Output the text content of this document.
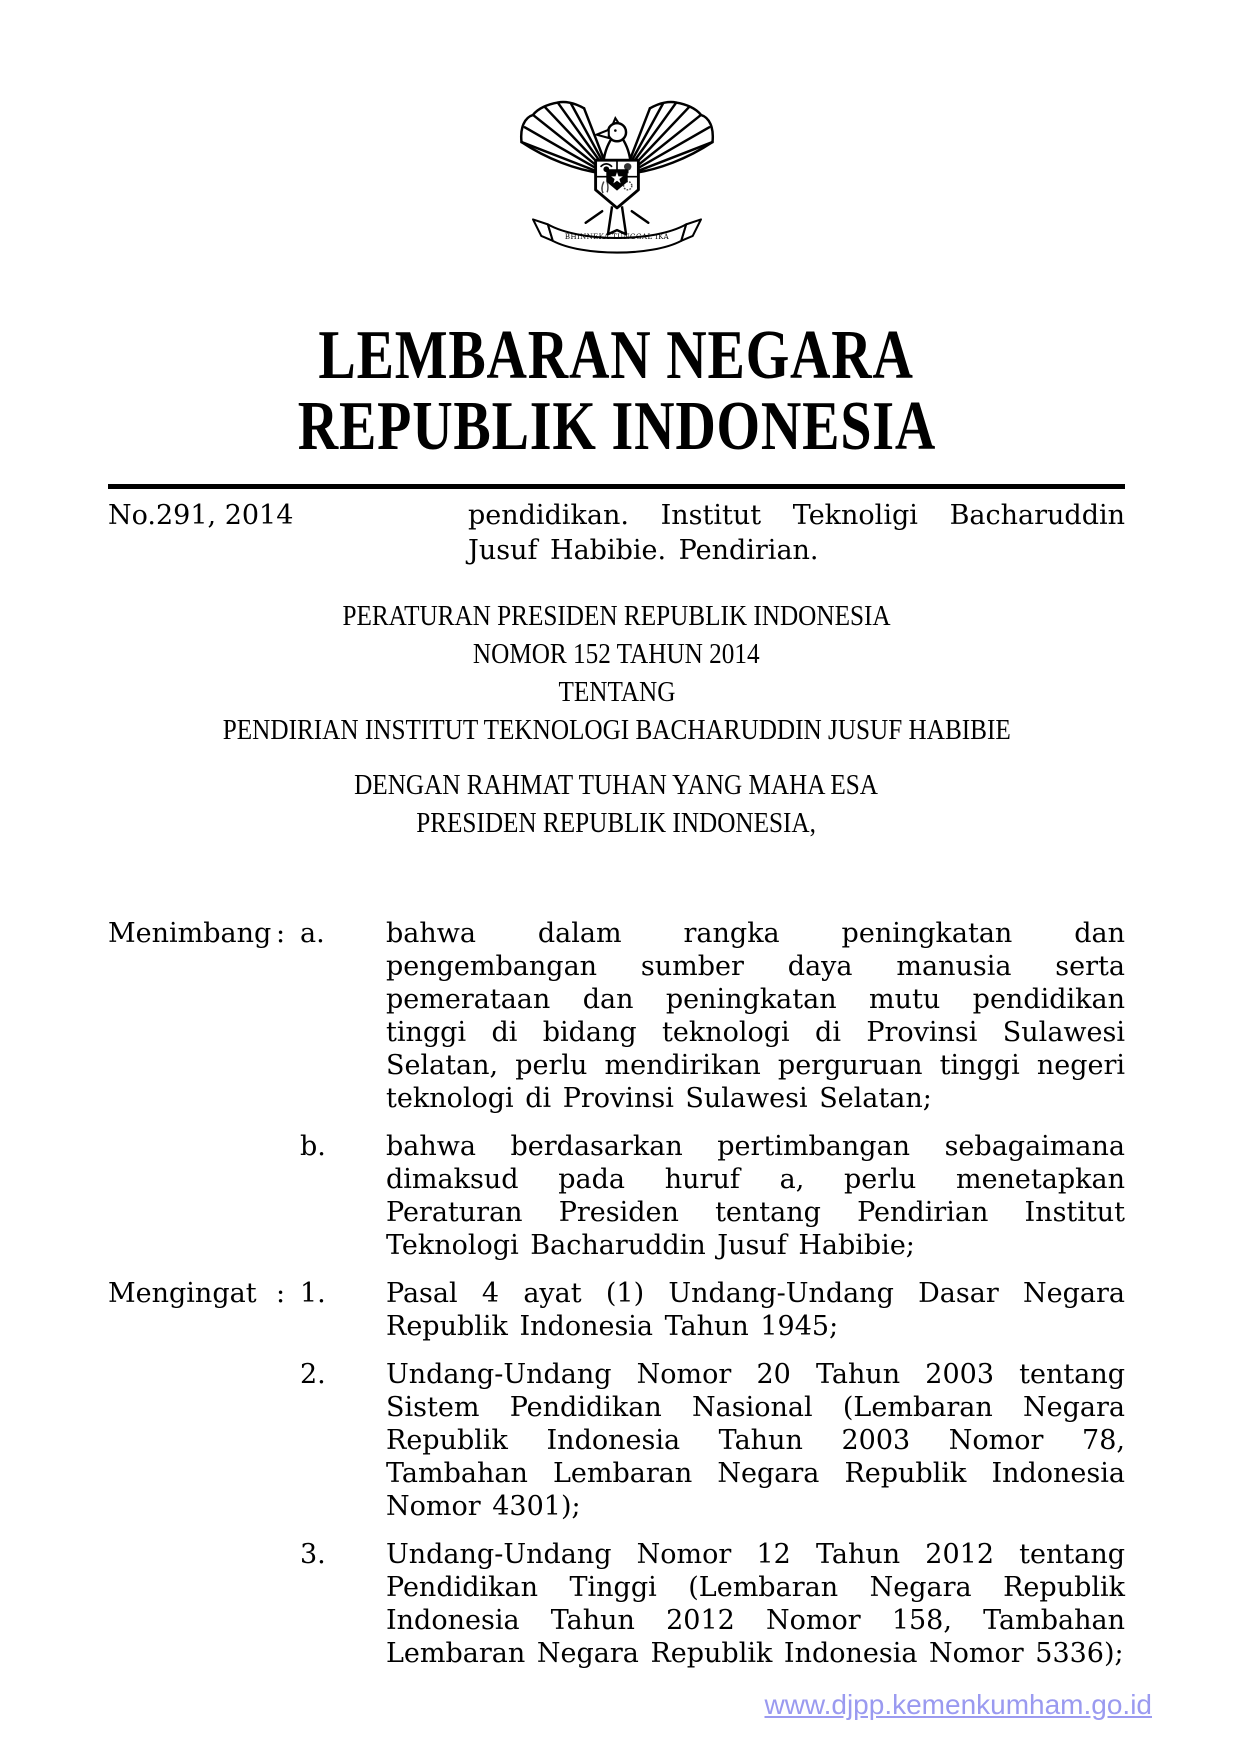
BHINNEKA TUNGGAL IKA
LEMBARAN NEGARA
REPUBLIK INDONESIA
No.291, 2014	pendidikan. Institut Teknoligi Bacharuddin Jusuf Habibie. Pendirian.
PERATURAN PRESIDEN REPUBLIK INDONESIA
NOMOR 152 TAHUN 2014
TENTANG
PENDIRIAN INSTITUT TEKNOLOGI BACHARUDDIN JUSUF HABIBIE
DENGAN RAHMAT TUHAN YANG MAHA ESA
PRESIDEN REPUBLIK INDONESIA,
Menimbang : a.	bahwa dalam rangka peningkatan dan pengembangan sumber daya manusia serta pemerataan dan peningkatan mutu pendidikan tinggi di bidang teknologi di Provinsi Sulawesi Selatan, perlu mendirikan perguruan tinggi negeri teknologi di Provinsi Sulawesi Selatan;
b.	bahwa berdasarkan pertimbangan sebagaimana dimaksud pada huruf a, perlu menetapkan Peraturan Presiden tentang Pendirian Institut Teknologi Bacharuddin Jusuf Habibie;
Mengingat : 1.	Pasal 4 ayat (1) Undang-Undang Dasar Negara Republik Indonesia Tahun 1945;
2.	Undang-Undang Nomor 20 Tahun 2003 tentang Sistem Pendidikan Nasional (Lembaran Negara Republik Indonesia Tahun 2003 Nomor 78, Tambahan Lembaran Negara Republik Indonesia Nomor 4301);
3.	Undang-Undang Nomor 12 Tahun 2012 tentang Pendidikan Tinggi (Lembaran Negara Republik Indonesia Tahun 2012 Nomor 158, Tambahan Lembaran Negara Republik Indonesia Nomor 5336);
www.djpp.kemenkumham.go.id
